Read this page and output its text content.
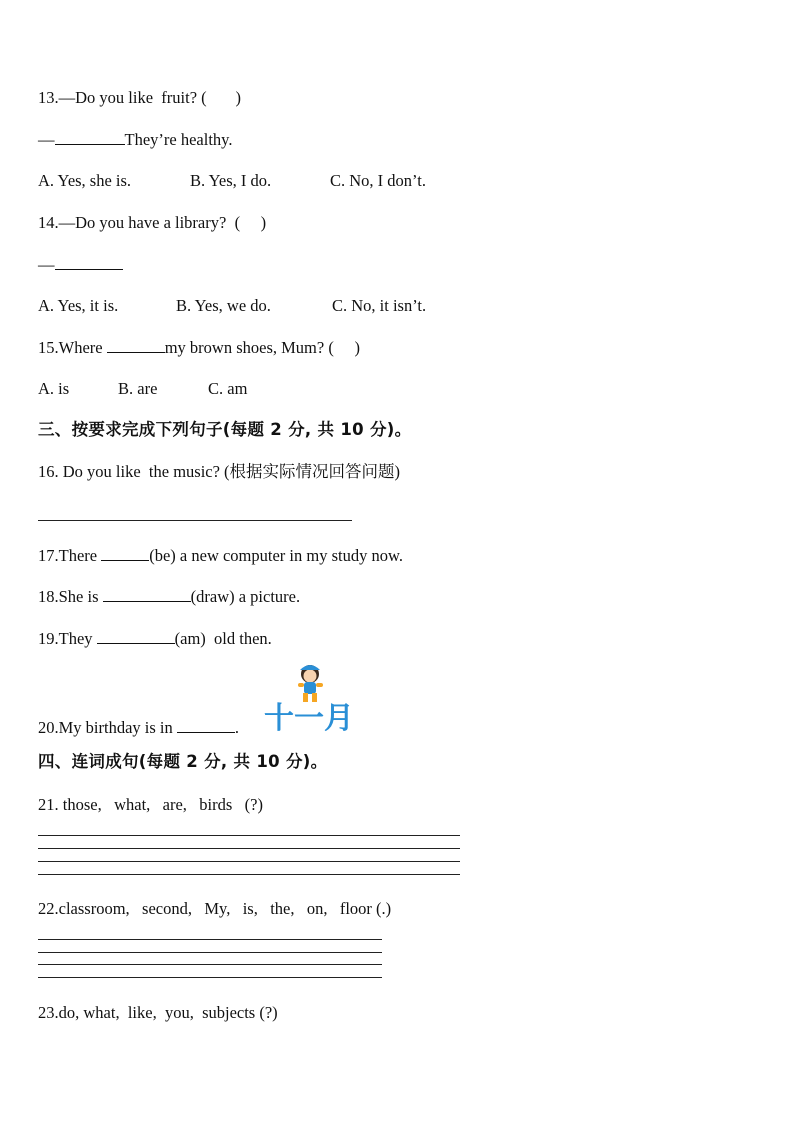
13.—Do you like  fruit? (       )
—	They’re healthy.
A. Yes, she is.	B. Yes, I do.	C. No, I don’t.
14.—Do you have a library?  (     )
—
A. Yes, it is.	B. Yes, we do.	C. No, it isn’t.
15.Where	my brown shoes, Mum? (     )
A. is	B. are	C. am
三、按要求完成下列句子(每题 2 分, 共 10 分)。
16. Do you like  the music? (根据实际情况回答问题)
17.There	(be) a new computer in my study now.
18.She is	(draw) a picture.
19.They	(am)  old then.
20.My birthday is in	. 十一月
四、连词成句(每题 2 分, 共 10 分)。
21. those,   what,   are,   birds   (?)
22.classroom,   second,   My,   is,   the,   on,   floor (.)
23.do, what,  like,  you,  subjects (?)
